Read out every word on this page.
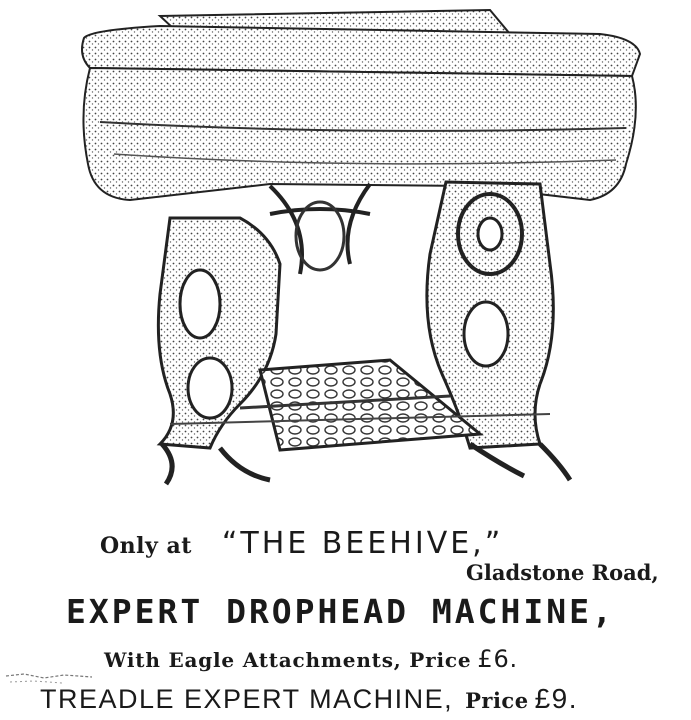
Only at “THE BEEHIVE,”
Gladstone Road,
EXPERT DROPHEAD MACHINE,
With Eagle Attachments, Price £6.
TREADLE EXPERT MACHINE, Price £9.
